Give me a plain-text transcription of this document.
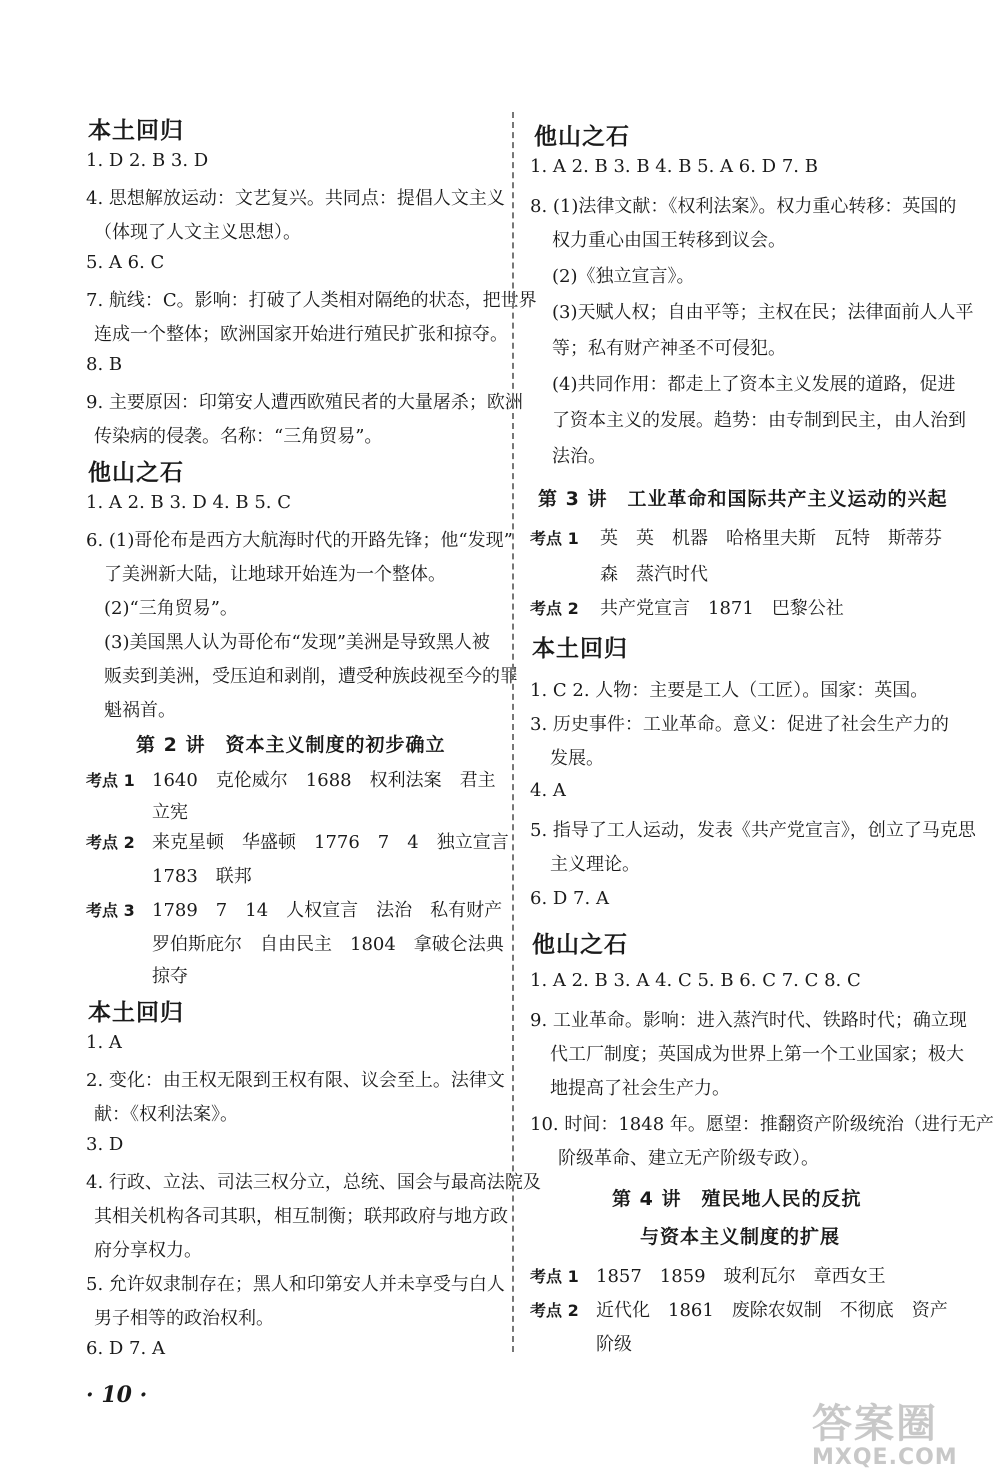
本土回归
1. D 2. B 3. D
4. 思想解放运动：文艺复兴。共同点：提倡人文主义
（体现了人文主义思想）。
5. A 6. C
7. 航线：C。影响：打破了人类相对隔绝的状态，把世界
连成一个整体；欧洲国家开始进行殖民扩张和掠夺。
8. B
9. 主要原因：印第安人遭西欧殖民者的大量屠杀；欧洲
传染病的侵袭。名称：“三角贸易”。
他山之石
1. A 2. B 3. D 4. B 5. C
6. (1)哥伦布是西方大航海时代的开路先锋；他“发现”
了美洲新大陆，让地球开始连为一个整体。
(2)“三角贸易”。
(3)美国黑人认为哥伦布“发现”美洲是导致黑人被
贩卖到美洲，受压迫和剥削，遭受种族歧视至今的罪
魁祸首。
第 2 讲　资本主义制度的初步确立
考点 1 1640　克伦威尔　1688　权利法案　君主
立宪
考点 2 来克星顿　华盛顿　1776　7　4　独立宣言
1783　联邦
考点 3 1789　7　14　人权宣言　法治　私有财产
罗伯斯庇尔　自由民主　1804　拿破仑法典
掠夺
本土回归
1. A
2. 变化：由王权无限到王权有限、议会至上。法律文
献：《权利法案》。
3. D
4. 行政、立法、司法三权分立，总统、国会与最高法院及
其相关机构各司其职，相互制衡；联邦政府与地方政
府分享权力。
5. 允许奴隶制存在；黑人和印第安人并未享受与白人
男子相等的政治权利。
6. D 7. A
他山之石
1. A 2. B 3. B 4. B 5. A 6. D 7. B
8. (1)法律文献：《权利法案》。权力重心转移：英国的
权力重心由国王转移到议会。
(2)《独立宣言》。
(3)天赋人权；自由平等；主权在民；法律面前人人平
等；私有财产神圣不可侵犯。
(4)共同作用：都走上了资本主义发展的道路，促进
了资本主义的发展。趋势：由专制到民主，由人治到
法治。
第 3 讲　工业革命和国际共产主义运动的兴起
考点 1 英　英　机器　哈格里夫斯　瓦特　斯蒂芬
森　蒸汽时代
考点 2 共产党宣言　1871　巴黎公社
本土回归
1. C 2. 人物：主要是工人（工匠）。国家：英国。
3. 历史事件：工业革命。意义：促进了社会生产力的
发展。
4. A
5. 指导了工人运动，发表《共产党宣言》，创立了马克思
主义理论。
6. D 7. A
他山之石
1. A 2. B 3. A 4. C 5. B 6. C 7. C 8. C
9. 工业革命。影响：进入蒸汽时代、铁路时代；确立现
代工厂制度；英国成为世界上第一个工业国家；极大
地提高了社会生产力。
10. 时间：1848 年。愿望：推翻资产阶级统治（进行无产
阶级革命、建立无产阶级专政）。
第 4 讲　殖民地人民的反抗
与资本主义制度的扩展
考点 1 1857　1859　玻利瓦尔　章西女王
考点 2 近代化　1861　废除农奴制　不彻底　资产
阶级
· 10 ·
答案圈
MXQE.COM
